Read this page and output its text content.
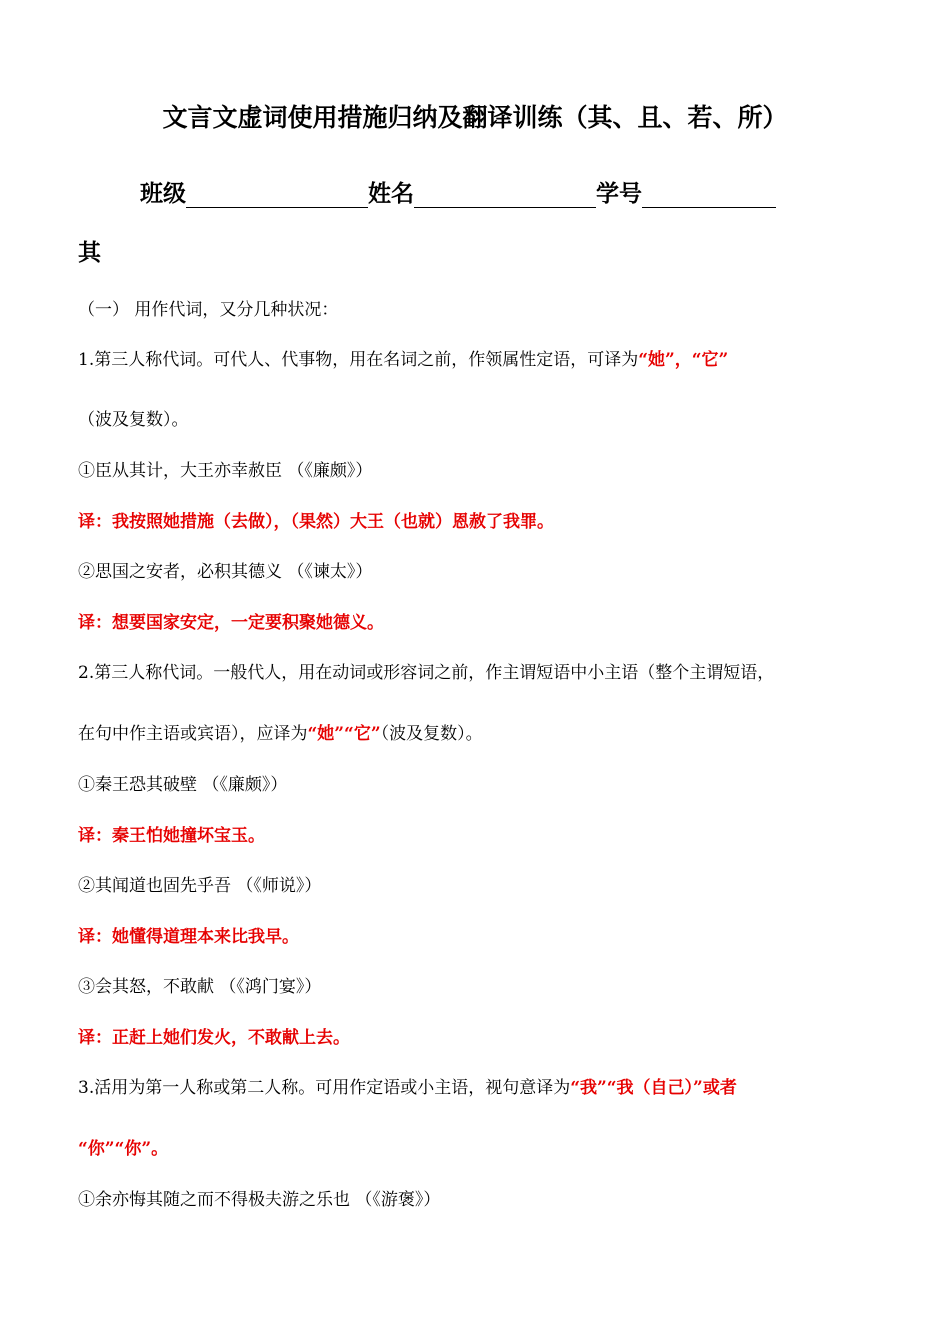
文言文虚词使用措施归纳及翻译训练（其、且、若、所）
班级	姓名	学号
其
（一） 用作代词，又分几种状况：
1.第三人称代词。可代人、代事物，用在名词之前，作领属性定语，可译为“她”，“它”
（波及复数）。
①臣从其计，大王亦幸赦臣 （《廉颇》）
译：我按照她措施（去做），（果然）大王（也就）恩赦了我罪。
②思国之安者，必积其德义 （《谏太》）
译：想要国家安定，一定要积聚她德义。
2.第三人称代词。一般代人，用在动词或形容词之前，作主谓短语中小主语（整个主谓短语，
在句中作主语或宾语），应译为“她”“它”（波及复数）。
①秦王恐其破壁 （《廉颇》）
译：秦王怕她撞坏宝玉。
②其闻道也固先乎吾 （《师说》）
译：她懂得道理本来比我早。
③会其怒，不敢献 （《鸿门宴》）
译：正赶上她们发火，不敢献上去。
3.活用为第一人称或第二人称。可用作定语或小主语，视句意译为“我”“我（自己）”或者
“你”“你”。
①余亦悔其随之而不得极夫游之乐也 （《游褒》）
